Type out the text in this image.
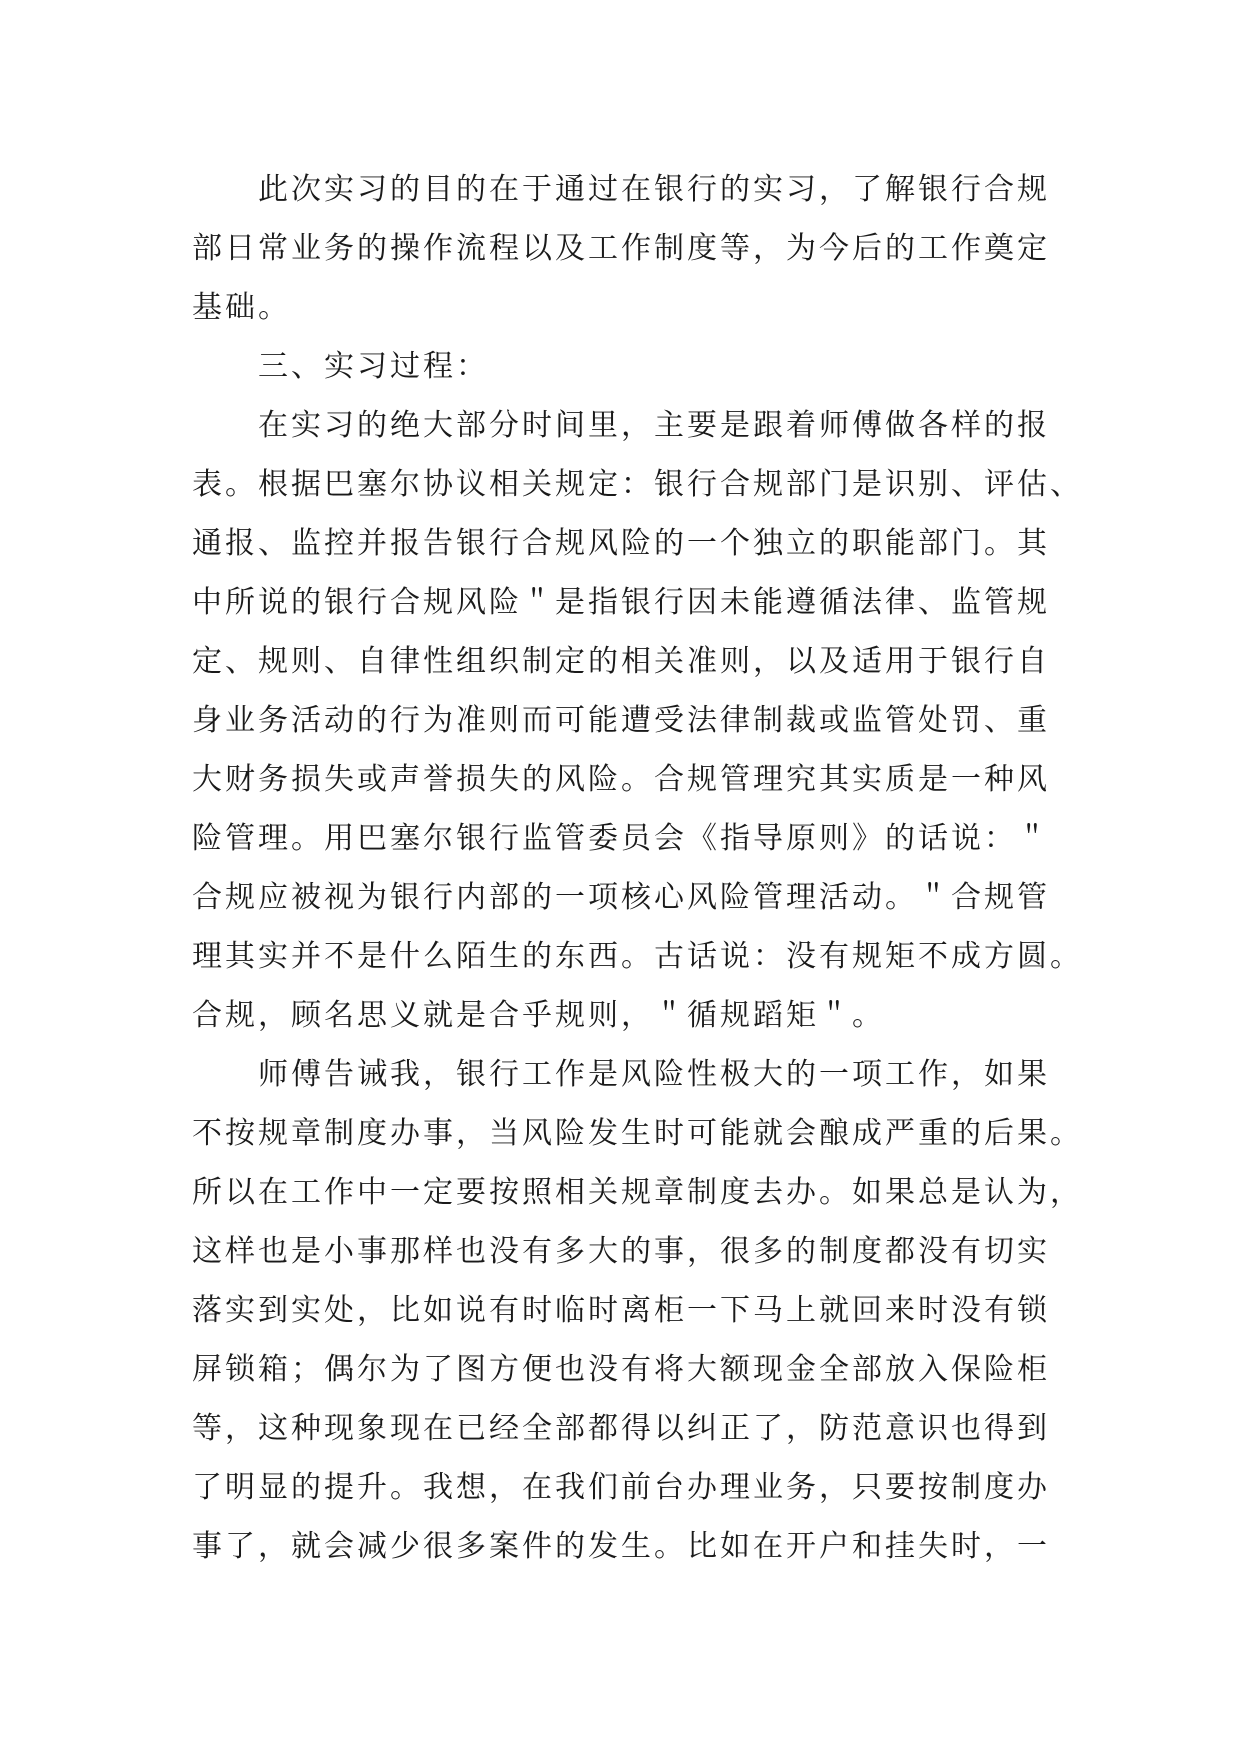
此次实习的目的在于通过在银行的实习，了解银行合规
部日常业务的操作流程以及工作制度等，为今后的工作奠定
基础。

三、实习过程：

在实习的绝大部分时间里，主要是跟着师傅做各样的报
表。根据巴塞尔协议相关规定：银行合规部门是识别、评估、
通报、监控并报告银行合规风险的一个独立的职能部门。其
中所说的银行合规风险＂是指银行因未能遵循法律、监管规
定、规则、自律性组织制定的相关准则，以及适用于银行自
身业务活动的行为准则而可能遭受法律制裁或监管处罚、重
大财务损失或声誉损失的风险。合规管理究其实质是一种风
险管理。用巴塞尔银行监管委员会《指导原则》的话说：＂
合规应被视为银行内部的一项核心风险管理活动。＂合规管
理其实并不是什么陌生的东西。古话说：没有规矩不成方圆。
合规，顾名思义就是合乎规则，＂循规蹈矩＂。

师傅告诫我，银行工作是风险性极大的一项工作，如果
不按规章制度办事，当风险发生时可能就会酿成严重的后果。
所以在工作中一定要按照相关规章制度去办。如果总是认为，
这样也是小事那样也没有多大的事，很多的制度都没有切实
落实到实处，比如说有时临时离柜一下马上就回来时没有锁
屏锁箱；偶尔为了图方便也没有将大额现金全部放入保险柜
等，这种现象现在已经全部都得以纠正了，防范意识也得到
了明显的提升。我想，在我们前台办理业务，只要按制度办
事了，就会减少很多案件的发生。比如在开户和挂失时，一
